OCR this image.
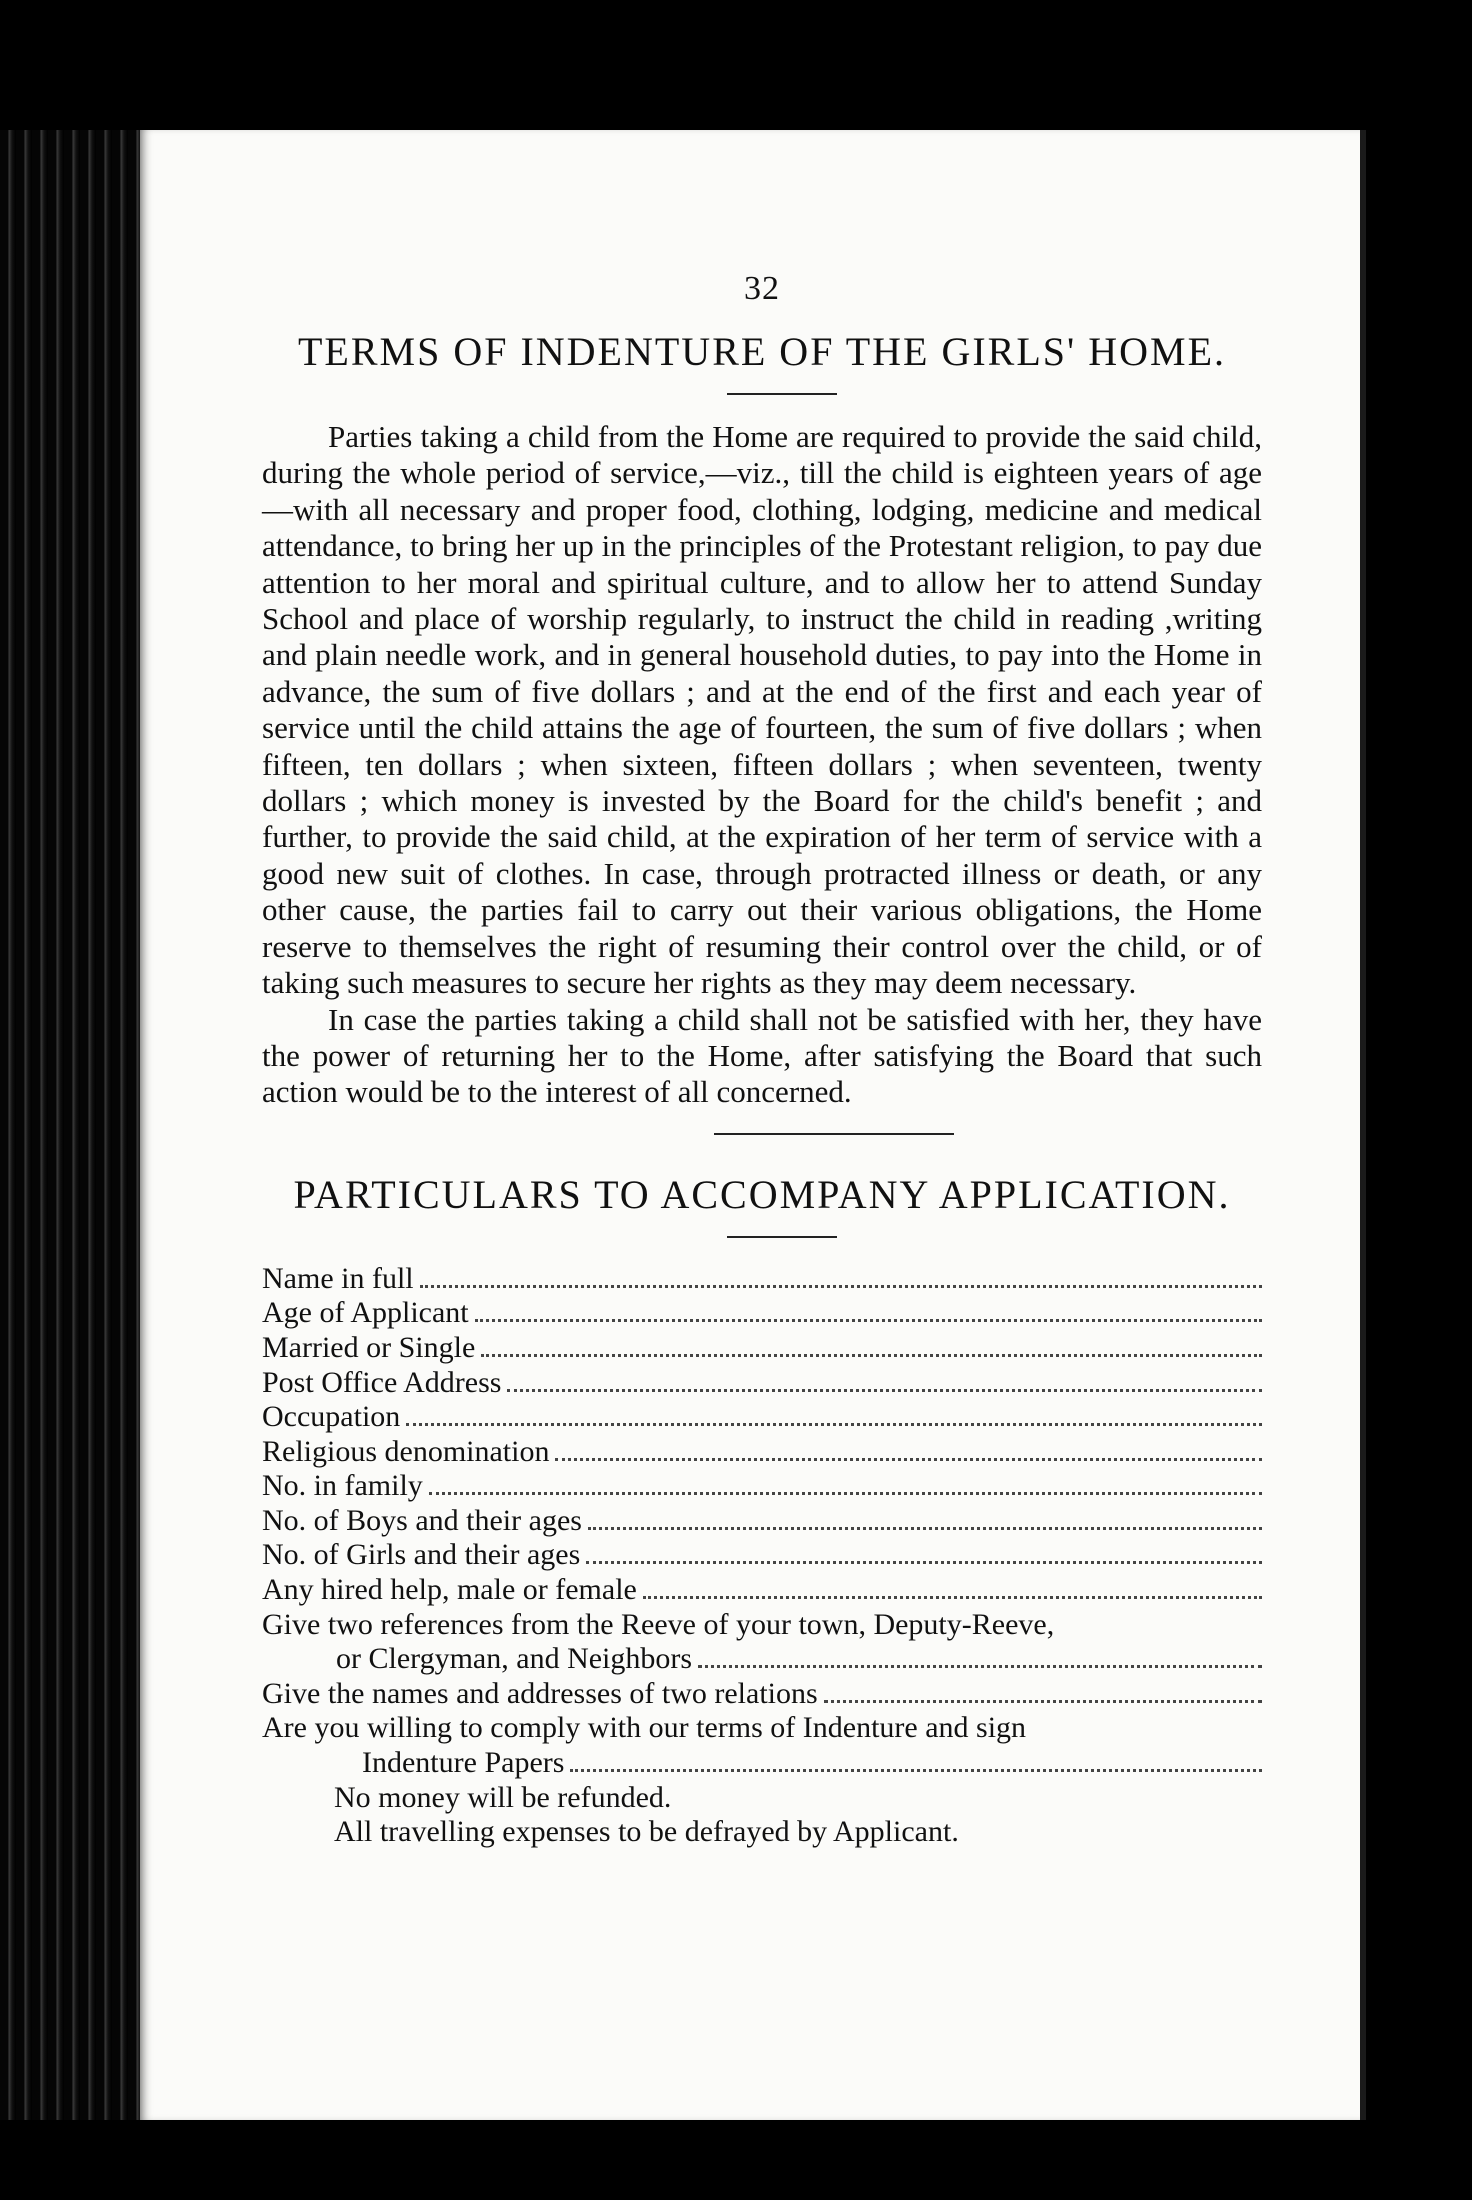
32
TERMS OF INDENTURE OF THE GIRLS' HOME.

Parties taking a child from the Home are required to provide the said child, during the whole period of service,—viz., till the child is eighteen years of age—with all necessary and proper food, clothing, lodging, medicine and medical attendance, to bring her up in the principles of the Protestant religion, to pay due attention to her moral and spiritual culture, and to allow her to attend Sunday School and place of worship regularly, to instruct the child in reading ,writing and plain needle work, and in general household duties, to pay into the Home in advance, the sum of five dollars ; and at the end of the first and each year of service until the child attains the age of fourteen, the sum of five dollars ; when fifteen, ten dollars ; when sixteen, fifteen dollars ; when seventeen, twenty dollars ; which money is invested by the Board for the child's benefit ; and further, to provide the said child, at the expiration of her term of service with a good new suit of clothes. In case, through protracted illness or death, or any other cause, the parties fail to carry out their various obligations, the Home reserve to themselves the right of resuming their control over the child, or of taking such measures to secure her rights as they may deem necessary.

In case the parties taking a child shall not be satisfied with her, they have the power of returning her to the Home, after satisfying the Board that such action would be to the interest of all concerned.

PARTICULARS TO ACCOMPANY APPLICATION.
Name in full
Age of Applicant
Married or Single
Post Office Address
Occupation
Religious denomination
No. in family
No. of Boys and their ages
No. of Girls and their ages
Any hired help, male or female
Give two references from the Reeve of your town, Deputy-Reeve,
or Clergyman, and Neighbors
Give the names and addresses of two relations
Are you willing to comply with our terms of Indenture and sign
Indenture Papers
No money will be refunded.
All travelling expenses to be defrayed by Applicant.
